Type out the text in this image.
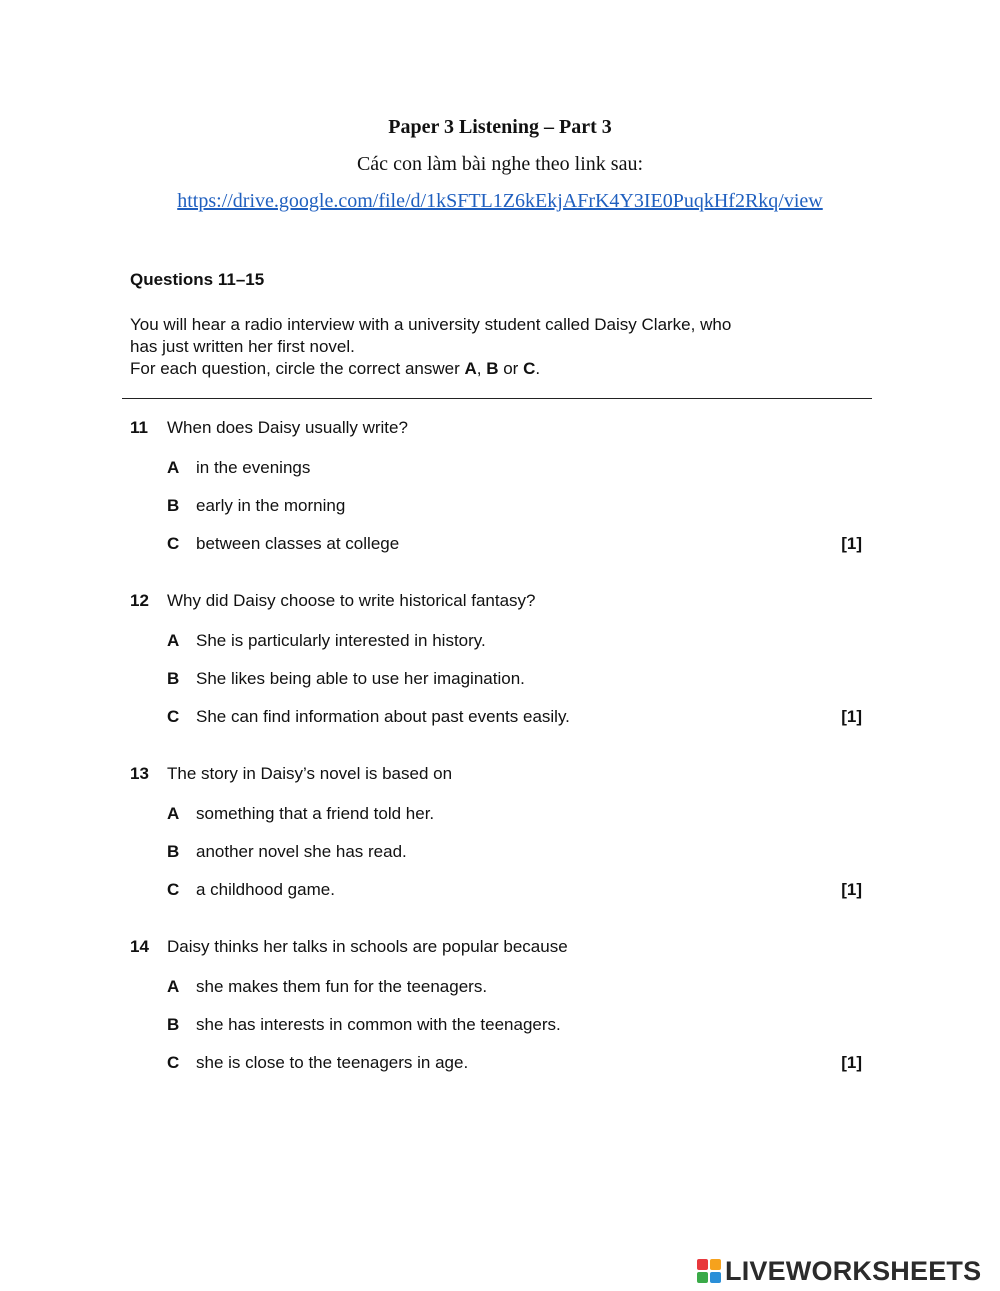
Paper 3 Listening – Part 3
Các con làm bài nghe theo link sau:
https://drive.google.com/file/d/1kSFTL1Z6kEkjAFrK4Y3IE0PuqkHf2Rkq/view
Questions 11–15
You will hear a radio interview with a university student called Daisy Clarke, who
has just written her first novel.
For each question, circle the correct answer A, B or C.
11 When does Daisy usually write?
A in the evenings
B early in the morning
C between classes at college	[1]
12 Why did Daisy choose to write historical fantasy?
A She is particularly interested in history.
B She likes being able to use her imagination.
C She can find information about past events easily.	[1]
13 The story in Daisy’s novel is based on
A something that a friend told her.
B another novel she has read.
C a childhood game.	[1]
14 Daisy thinks her talks in schools are popular because
A she makes them fun for the teenagers.
B she has interests in common with the teenagers.
C she is close to the teenagers in age.	[1]
LIVEWORKSHEETS
